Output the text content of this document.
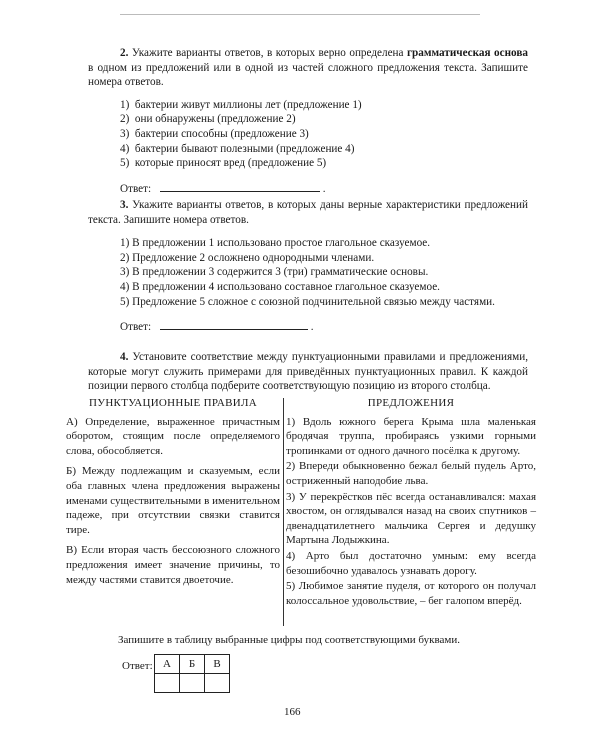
2. Укажите варианты ответов, в которых верно определена грамматическая основа в одном из предложений или в одной из частей сложного предложения текста. Запишите номера ответов.

1)  бактерии живут миллионы лет (предложение 1)
2)  они обнаружены (предложение 2)
3)  бактерии способны (предложение 3)
4)  бактерии бывают полезными (предложение 4)
5)  которые приносят вред (предложение 5)
Ответ:	.

3. Укажите варианты ответов, в которых даны верные характеристики предложений текста. Запишите номера ответов.

1) В предложении 1 использовано простое глагольное сказуемое.
2) Предложение 2 осложнено однородными членами.
3) В предложении 3 содержится 3 (три) грамматические основы.
4) В предложении 4 использовано составное глагольное сказуемое.
5) Предложение 5 сложное с союзной подчинительной связью между частями.
Ответ:	.

4. Установите соответствие между пунктуационными правилами и предложениями, которые могут служить примерами для приведённых пунктуационных правил. К каждой позиции первого столбца подберите соответствующую позицию из второго столбца.

ПУНКТУАЦИОННЫЕ ПРАВИЛА

А) Определение, выраженное причастным оборотом, стоящим после определяемого слова, обособляется.

Б) Между подлежащим и сказуемым, если оба главных члена предложения выражены именами существительными в именительном падеже, при отсутствии связки ставится тире.

В) Если вторая часть бессоюзного сложного предложения имеет значение причины, то между частями ставится двоеточие.

ПРЕДЛОЖЕНИЯ

1) Вдоль южного берега Крыма шла маленькая бродячая труппа, пробираясь узкими горными тропинками от одного дачного посёлка к другому.

2) Впереди обыкновенно бежал белый пудель Арто, остриженный наподобие льва.

3) У перекрёстков пёс всегда останавливался: махая хвостом, он оглядывался назад на своих спутников – двенадцатилетнего мальчика Сергея и дедушку Мартына Лодыжкина.

4) Арто был достаточно умным: ему всегда безошибочно удавалось узнавать дорогу.

5) Любимое занятие пуделя, от которого он получал колоссальное удовольствие, – бег галопом вперёд.

Запишите в таблицу выбранные цифры под соответствующими буквами.
Ответ: А	Б	В

166
